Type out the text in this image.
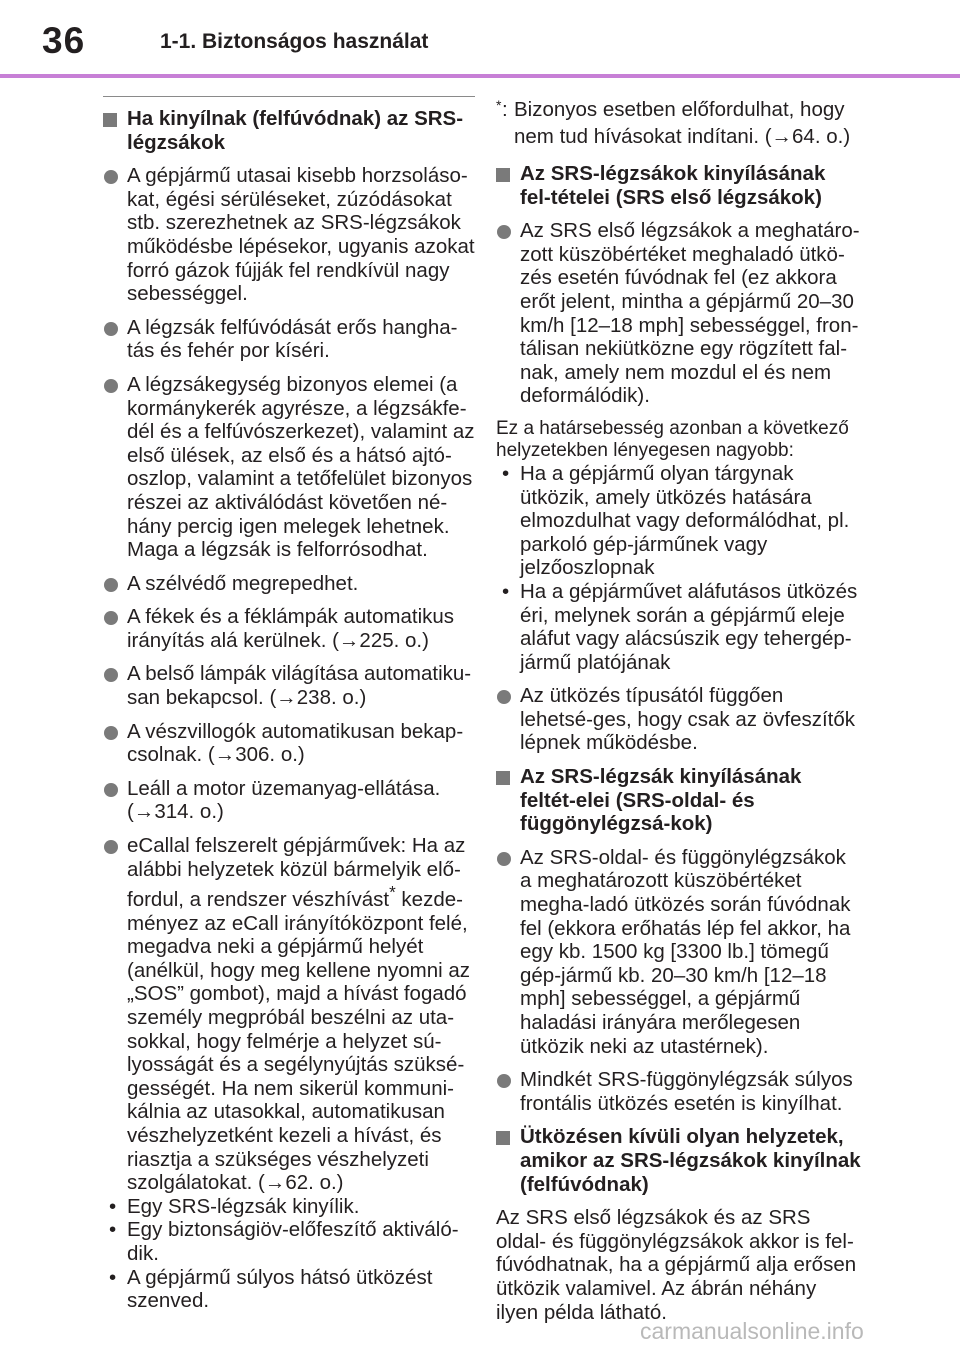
36	1-1. Biztonságos használat
Ha kinyílnak (felfúvódnak) az SRS-légzsákok
A gépjármű utasai kisebb horzsoláso-kat, égési sérüléseket, zúzódásokat stb. szerezhetnek az SRS-légzsákok működésbe lépésekor, ugyanis azokat forró gázok fújják fel rendkívül nagy sebességgel.
A légzsák felfúvódását erős hangha-tás és fehér por kíséri.
A légzsákegység bizonyos elemei (a kormánykerék agyrésze, a légzsákfe-dél és a felfúvószerkezet), valamint az első ülések, az első és a hátsó ajtó-oszlop, valamint a tetőfelület bizonyos részei az aktiválódást követően né-hány percig igen melegek lehetnek. Maga a légzsák is felforrósodhat.
A szélvédő megrepedhet.
A fékek és a féklámpák automatikus irányítás alá kerülnek. (→225. o.)
A belső lámpák világítása automatiku-san bekapcsol. (→238. o.)
A vészvillogók automatikusan bekap-csolnak. (→306. o.)
Leáll a motor üzemanyag-ellátása. (→314. o.)
eCallal felszerelt gépjárművek: Ha az alábbi helyzetek közül bármelyik elő-fordul, a rendszer vészhívást* kezde-ményez az eCall irányítóközpont felé, megadva neki a gépjármű helyét (anélkül, hogy meg kellene nyomni az „SOS” gombot), majd a hívást fogadó személy megpróbál beszélni az uta-sokkal, hogy felmérje a helyzet sú-lyosságát és a segélynyújtás szüksé-gességét. Ha nem sikerül kommuni-kálnia az utasokkal, automatikusan vészhelyzetként kezeli a hívást, és riasztja a szükséges vészhelyzeti szolgálatokat. (→62. o.)
• Egy SRS-légzsák kinyílik.
• Egy biztonságiöv-előfeszítő aktiváló-dik.
• A gépjármű súlyos hátsó ütközést szenved.
* : Bizonyos esetben előfordulhat, hogy nem tud hívásokat indítani. (→64. o.)
Az SRS-légzsákok kinyílásának fel-tételei (SRS első légzsákok)
Az SRS első légzsákok a meghatáro-zott küszöbértéket meghaladó ütkö-zés esetén fúvódnak fel (ez akkora erőt jelent, mintha a gépjármű 20–30 km/h [12–18 mph] sebességgel, fron-tálisan nekiütközne egy rögzített fal-nak, amely nem mozdul el és nem deformálódik).
Ez a határsebesség azonban a következő helyzetekben lényegesen nagyobb:
• Ha a gépjármű olyan tárgynak ütközik, amely ütközés hatására elmozdulhat vagy deformálódhat, pl. parkoló gép-járműnek vagy jelzőoszlopnak
• Ha a gépjárművet aláfutásos ütközés éri, melynek során a gépjármű eleje aláfut vagy alácsúszik egy tehergép-jármű platójának
Az ütközés típusától függően lehetsé-ges, hogy csak az övfeszítők lépnek működésbe.
Az SRS-légzsák kinyílásának feltét-elei (SRS-oldal- és függönylégzsá-kok)
Az SRS-oldal- és függönylégzsákok a meghatározott küszöbértéket megha-ladó ütközés során fúvódnak fel (ekkora erőhatás lép fel akkor, ha egy kb. 1500 kg [3300 lb.] tömegű gép-jármű kb. 20–30 km/h [12–18 mph] sebességgel, a gépjármű haladási irányára merőlegesen ütközik neki az utastérnek).
Mindkét SRS-függönylégzsák súlyos frontális ütközés esetén is kinyílhat.
Ütközésen kívüli olyan helyzetek, amikor az SRS-légzsákok kinyílnak (felfúvódnak)
Az SRS első légzsákok és az SRS oldal- és függönylégzsákok akkor is fel-fúvódhatnak, ha a gépjármű alja erősen ütközik valamivel. Az ábrán néhány ilyen példa látható.
carmanualsonline.info
